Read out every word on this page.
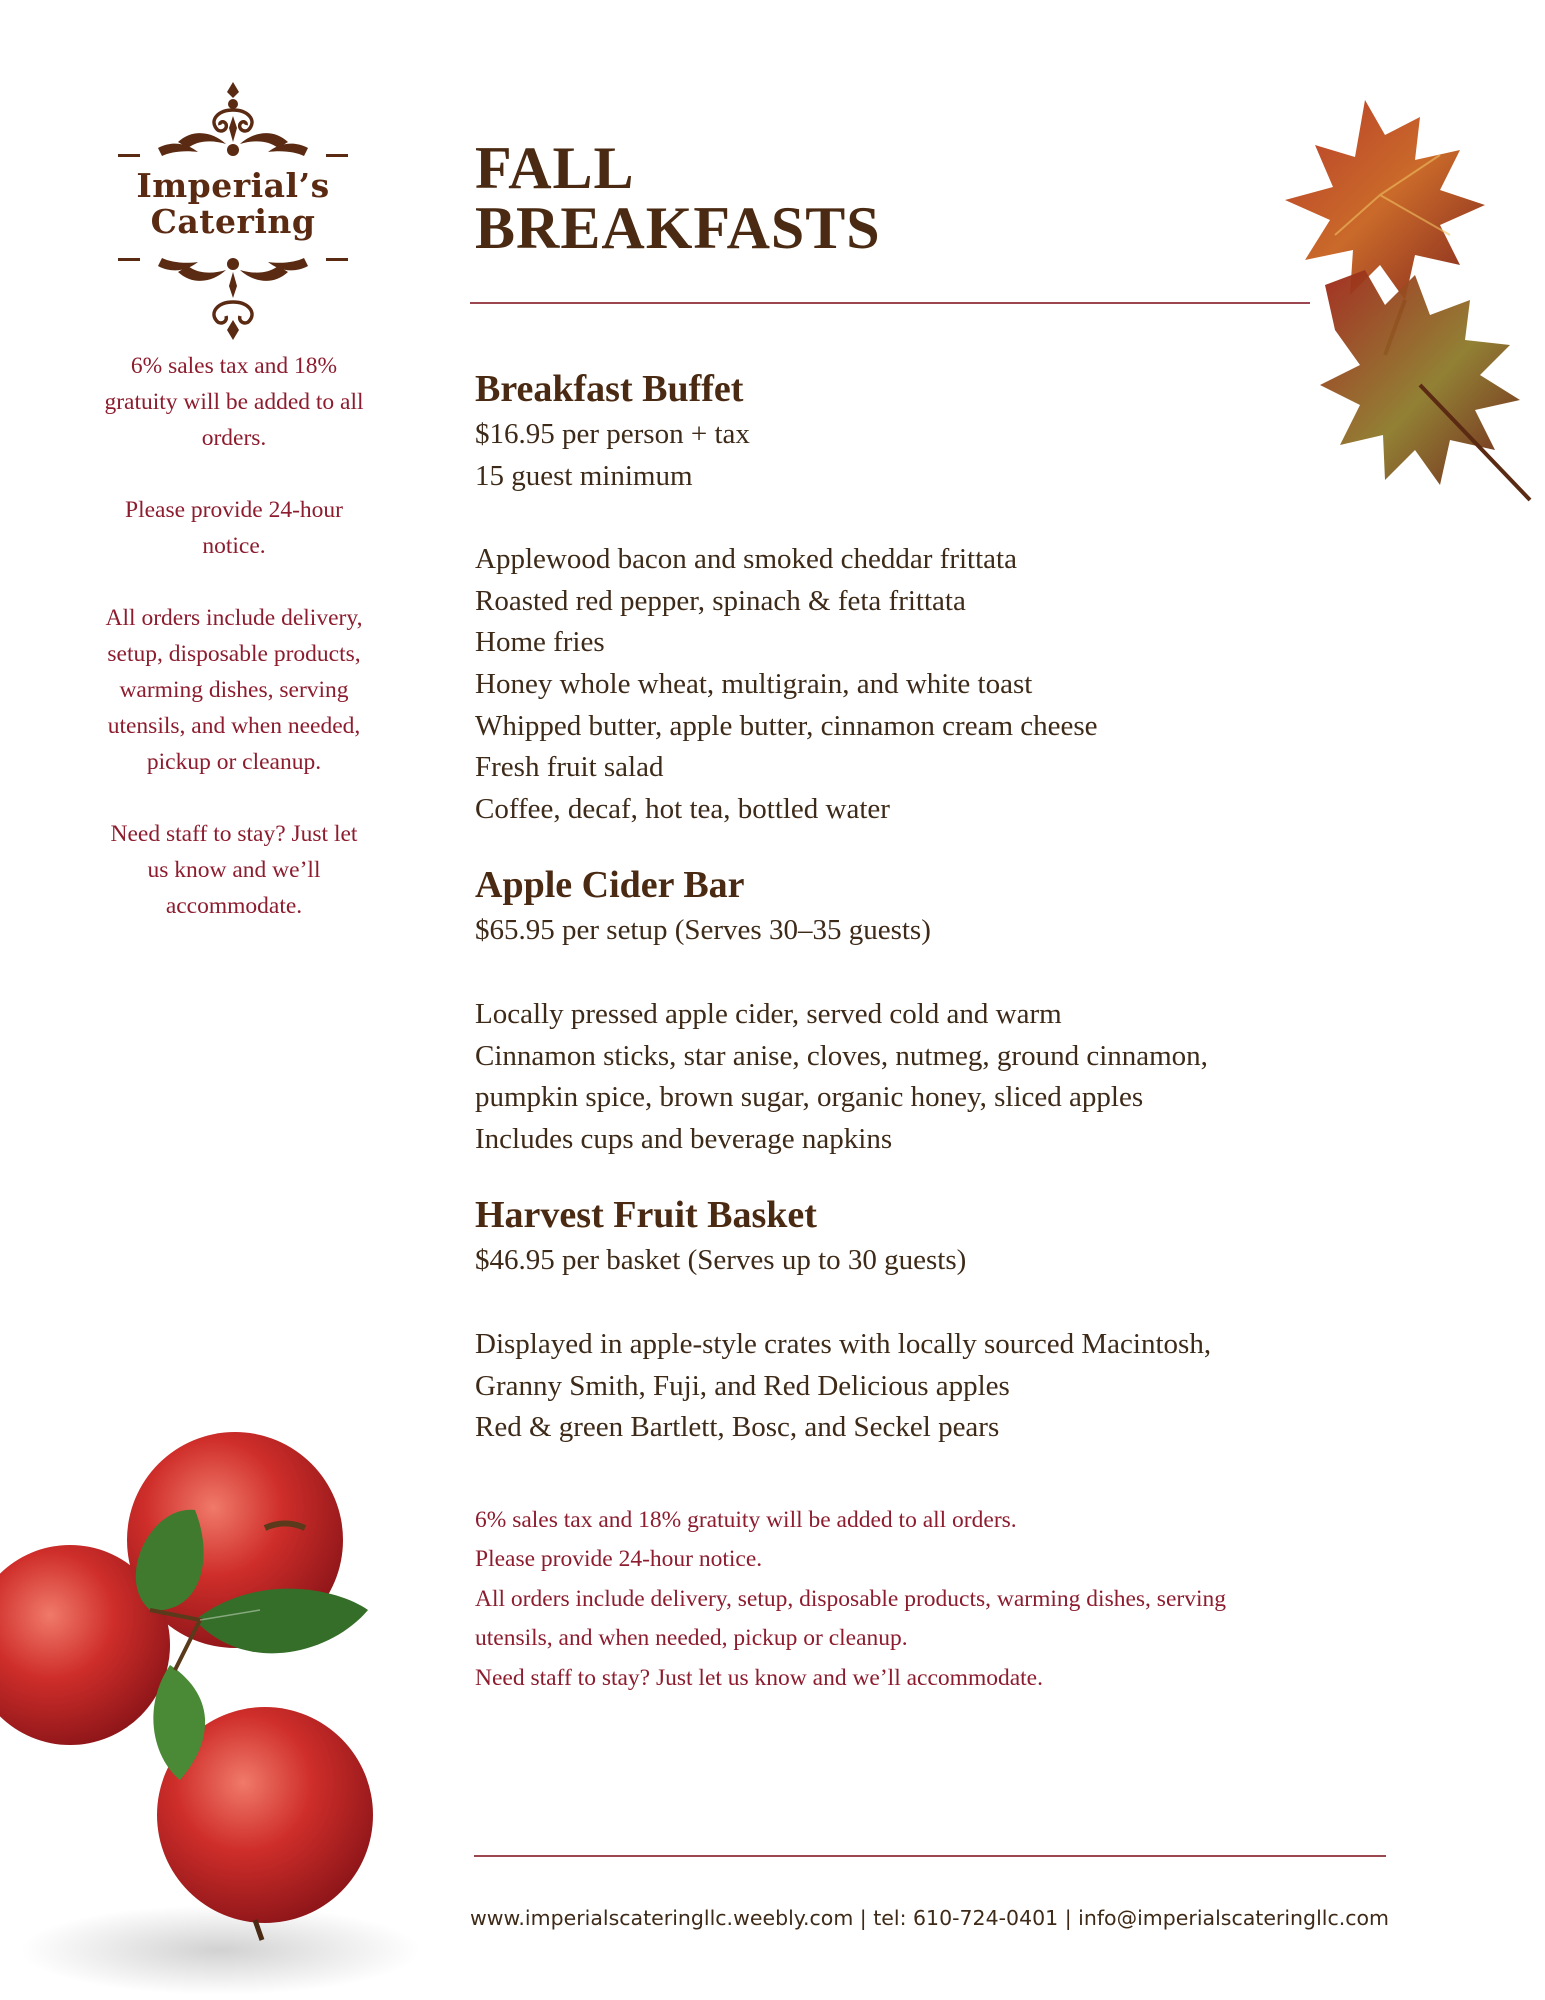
Imperial’s
Catering

6% sales tax and 18% gratuity will be added to all orders.

Please provide 24-hour notice.

All orders include delivery, setup, disposable products, warming dishes, serving utensils, and when needed, pickup or cleanup.

Need staff to stay? Just let us know and we’ll accommodate.

FALL
BREAKFASTS
Breakfast Buffet
$16.95 per person + tax
15 guest minimum
Applewood bacon and smoked cheddar frittata
Roasted red pepper, spinach & feta frittata
Home fries
Honey whole wheat, multigrain, and white toast
Whipped butter, apple butter, cinnamon cream cheese
Fresh fruit salad
Coffee, decaf, hot tea, bottled water
Apple Cider Bar
$65.95 per setup (Serves 30–35 guests)
Locally pressed apple cider, served cold and warm
Cinnamon sticks, star anise, cloves, nutmeg, ground cinnamon,
pumpkin spice, brown sugar, organic honey, sliced apples
Includes cups and beverage napkins
Harvest Fruit Basket
$46.95 per basket (Serves up to 30 guests)
Displayed in apple-style crates with locally sourced Macintosh,
Granny Smith, Fuji, and Red Delicious apples
Red & green Bartlett, Bosc, and Seckel pears
6% sales tax and 18% gratuity will be added to all orders.
Please provide 24-hour notice.
All orders include delivery, setup, disposable products, warming dishes, serving
utensils, and when needed, pickup or cleanup.
Need staff to stay? Just let us know and we’ll accommodate.
www.imperialscateringllc.weebly.com | tel: 610-724-0401 | info@imperialscateringllc.com
